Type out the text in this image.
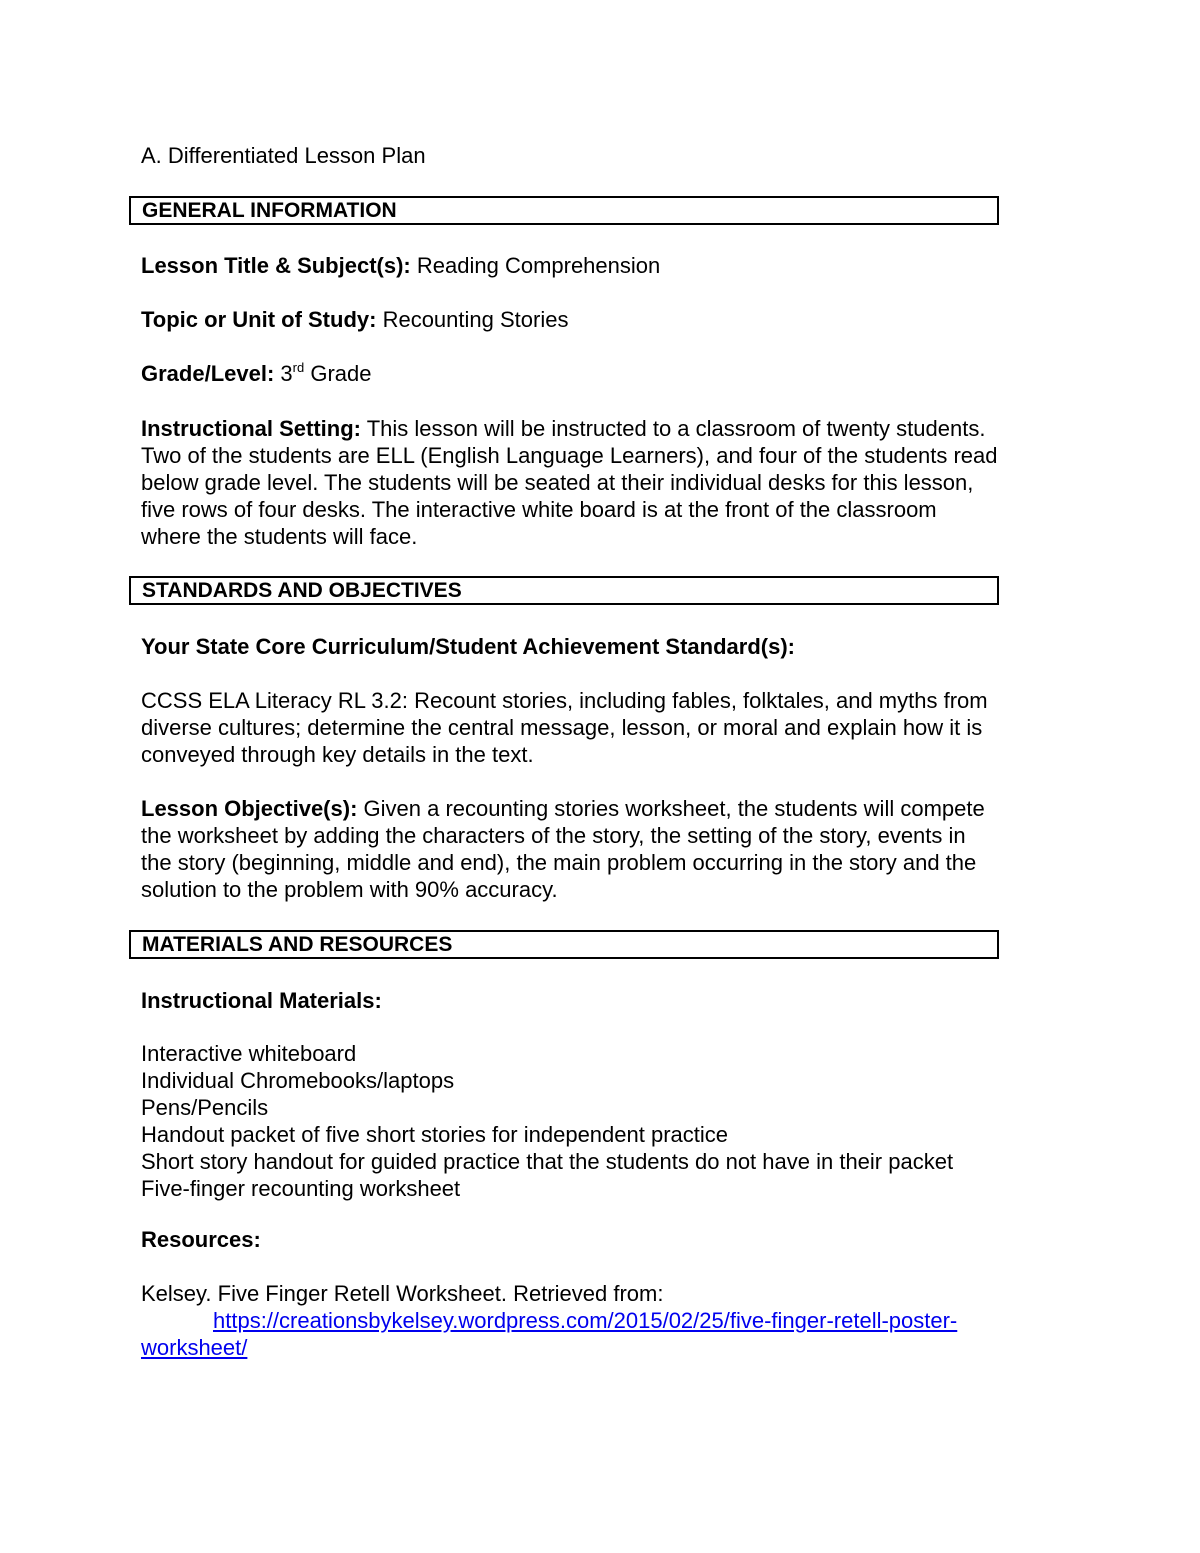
A. Differentiated Lesson Plan
GENERAL INFORMATION
Lesson Title & Subject(s): Reading Comprehension
Topic or Unit of Study: Recounting Stories
Grade/Level: 3rd Grade
Instructional Setting: This lesson will be instructed to a classroom of twenty students.
Two of the students are ELL (English Language Learners), and four of the students read
below grade level. The students will be seated at their individual desks for this lesson,
five rows of four desks. The interactive white board is at the front of the classroom
where the students will face.
STANDARDS AND OBJECTIVES
Your State Core Curriculum/Student Achievement Standard(s):
CCSS ELA Literacy RL 3.2: Recount stories, including fables, folktales, and myths from
diverse cultures; determine the central message, lesson, or moral and explain how it is
conveyed through key details in the text.
Lesson Objective(s): Given a recounting stories worksheet, the students will compete
the worksheet by adding the characters of the story, the setting of the story, events in
the story (beginning, middle and end), the main problem occurring in the story and the
solution to the problem with 90% accuracy.
MATERIALS AND RESOURCES
Instructional Materials:
Interactive whiteboard
Individual Chromebooks/laptops
Pens/Pencils
Handout packet of five short stories for independent practice
Short story handout for guided practice that the students do not have in their packet
Five-finger recounting worksheet
Resources:
Kelsey. Five Finger Retell Worksheet. Retrieved from:
https://creationsbykelsey.wordpress.com/2015/02/25/five-finger-retell-poster-
worksheet/
